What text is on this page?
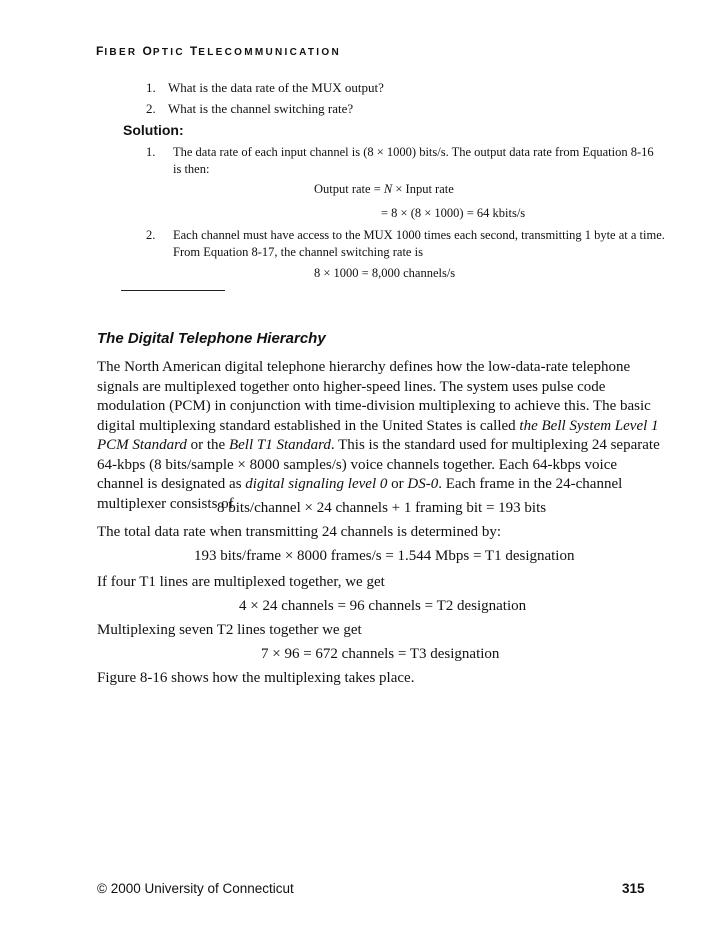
FIBER OPTIC TELECOMMUNICATION
1. What is the data rate of the MUX output?
2. What is the channel switching rate?
Solution:
1. The data rate of each input channel is (8 × 1000) bits/s. The output data rate from Equation 8-16 is then:
Output rate = N × Input rate
= 8 × (8 × 1000) = 64 kbits/s
2. Each channel must have access to the MUX 1000 times each second, transmitting 1 byte at a time. From Equation 8-17, the channel switching rate is
8 × 1000 = 8,000 channels/s
The Digital Telephone Hierarchy
The North American digital telephone hierarchy defines how the low-data-rate telephone signals are multiplexed together onto higher-speed lines. The system uses pulse code modulation (PCM) in conjunction with time-division multiplexing to achieve this. The basic digital multiplexing standard established in the United States is called the Bell System Level 1 PCM Standard or the Bell T1 Standard. This is the standard used for multiplexing 24 separate 64-kbps (8 bits/sample × 8000 samples/s) voice channels together. Each 64-kbps voice channel is designated as digital signaling level 0 or DS-0. Each frame in the 24-channel multiplexer consists of
8 bits/channel × 24 channels + 1 framing bit = 193 bits
The total data rate when transmitting 24 channels is determined by:
193 bits/frame × 8000 frames/s = 1.544 Mbps = T1 designation
If four T1 lines are multiplexed together, we get
4 × 24 channels = 96 channels = T2 designation
Multiplexing seven T2 lines together we get
7 × 96 = 672 channels = T3 designation
Figure 8-16 shows how the multiplexing takes place.
© 2000 University of Connecticut	315
